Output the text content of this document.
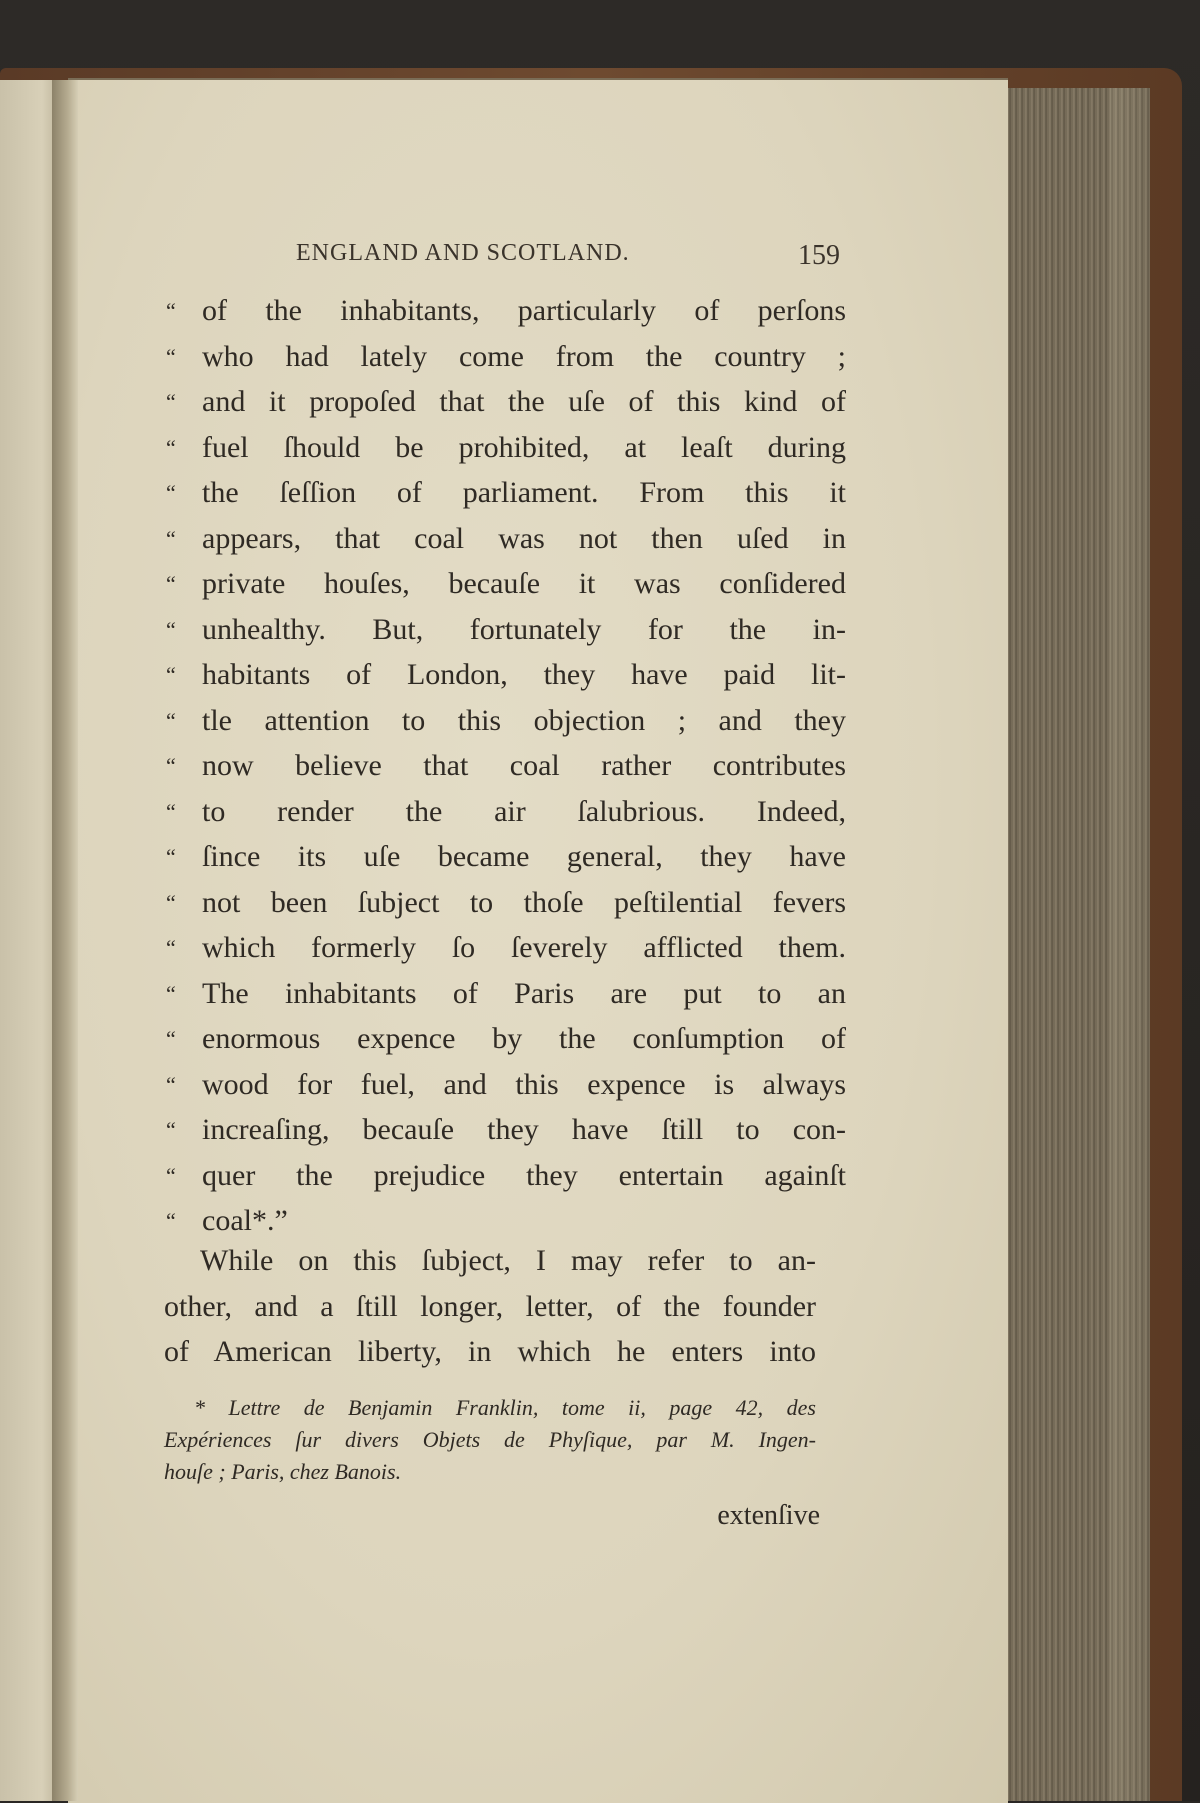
ENGLAND AND SCOTLAND.	159
“ of the inhabitants, particularly of perſons
“ who had lately come from the country ;
“ and it propoſed that the uſe of this kind of
“ fuel ſhould be prohibited, at leaſt during
“ the ſeſſion of parliament. From this it
“ appears, that coal was not then uſed in
“ private houſes, becauſe it was conſidered
“ unhealthy. But, fortunately for the in-
“ habitants of London, they have paid lit-
“ tle attention to this objection ; and they
“ now believe that coal rather contributes
“ to render the air ſalubrious. Indeed,
“ ſince its uſe became general, they have
“ not been ſubject to thoſe peſtilential fevers
“ which formerly ſo ſeverely afflicted them.
“ The inhabitants of Paris are put to an
“ enormous expence by the conſumption of
“ wood for fuel, and this expence is always
“ increaſing, becauſe they have ſtill to con-
“ quer the prejudice they entertain againſt
“ coal*.”
While on this ſubject, I may refer to an-
other, and a ſtill longer, letter, of the founder
of American liberty, in which he enters into
* Lettre de Benjamin Franklin, tome ii, page 42, des
Expériences ſur divers Objets de Phyſique, par M. Ingen-
houſe ; Paris, chez Banois.
extenſive
